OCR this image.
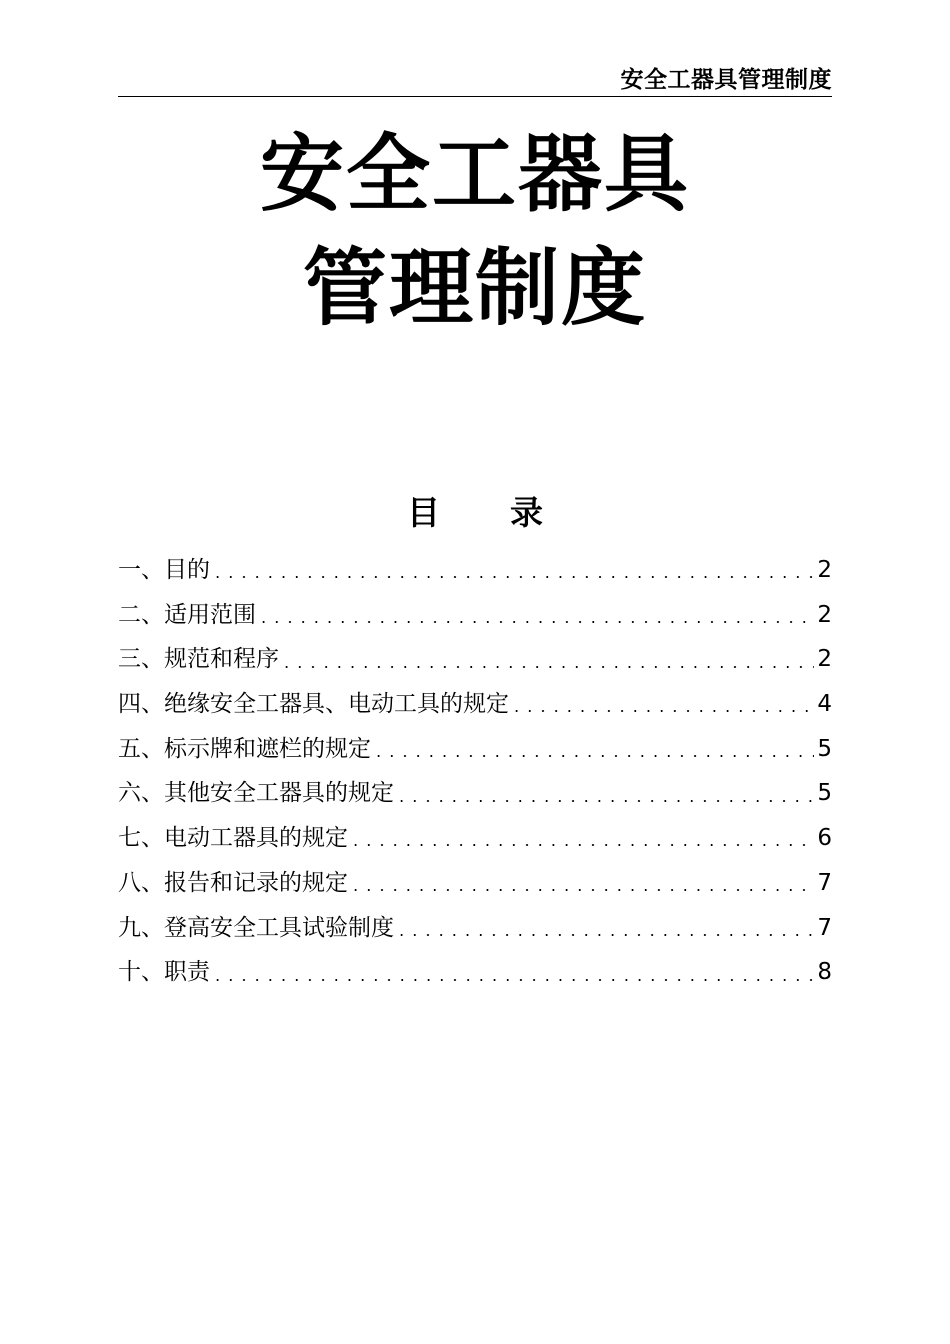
安全工器具管理制度
安全工器具
管理制度
目 录
一、目的	2
二、适用范围	2
三、规范和程序	2
四、绝缘安全工器具、电动工具的规定	4
五、标示牌和遮栏的规定	5
六、其他安全工器具的规定	5
七、电动工器具的规定	6
八、报告和记录的规定	7
九、登高安全工具试验制度	7
十、职责	8
